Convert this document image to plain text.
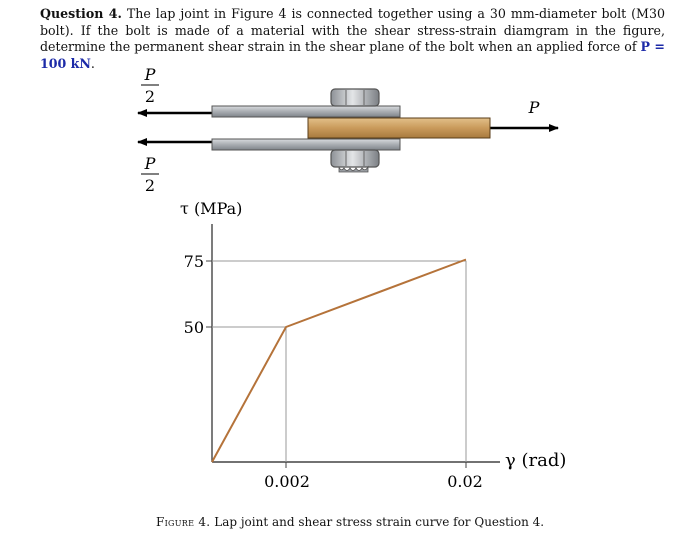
Question 4. The lap joint in Figure 4 is connected together using a 30 mm-diameter bolt (M30 bolt). If the bolt is made of a material with the shear stress-strain diamgram in the figure, determine the permanent shear strain in the shear plane of the bolt when an applied force of P = 100 kN.
P
2
P
2
P
τ (MPa)
γ (rad)
50
75
0.002	0.02
Figure 4. Lap joint and shear stress strain curve for Question 4.
